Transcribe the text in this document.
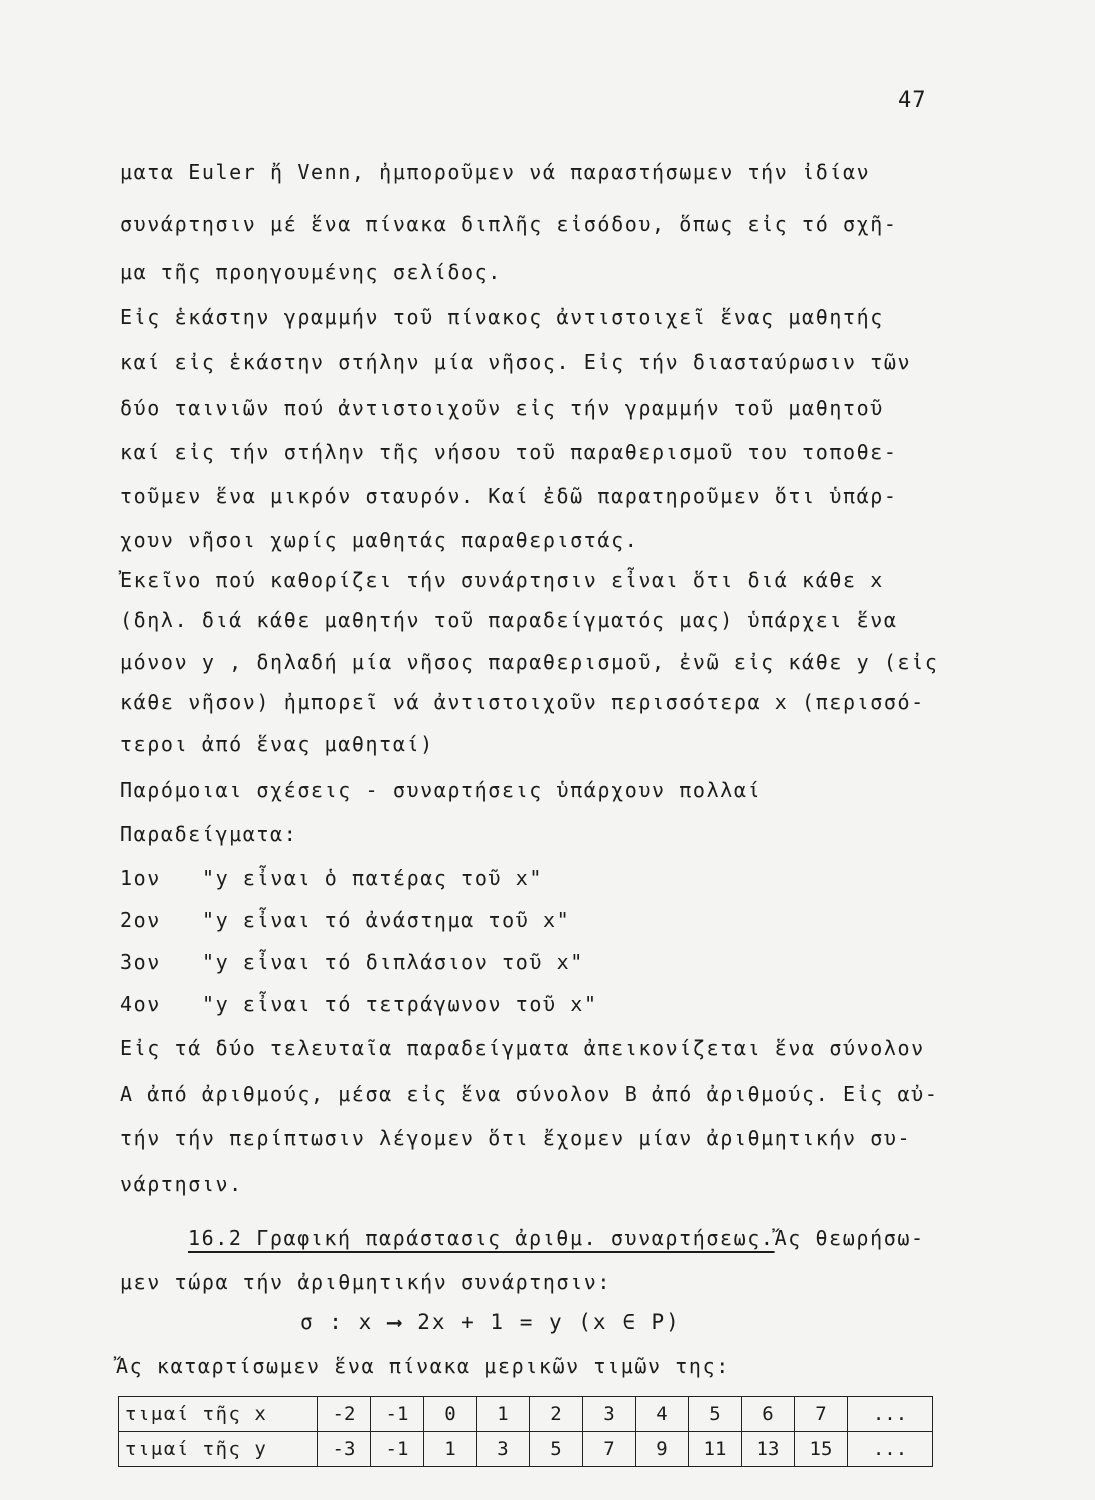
47
ματα Euler ἤ Venn, ἠμποροῦμεν νά παραστήσωμεν τήν ἰδίαν
συνάρτησιν μέ ἕνα πίνακα διπλῆς εἰσόδου, ὅπως εἰς τό σχῆ-
μα τῆς προηγουμένης σελίδος.
Εἰς ἑκάστην γραμμήν τοῦ πίνακος ἀντιστοιχεῖ ἕνας μαθητής
καί εἰς ἑκάστην στήλην μία νῆσος. Εἰς τήν διασταύρωσιν τῶν
δύο ταινιῶν πού ἀντιστοιχοῦν εἰς τήν γραμμήν τοῦ μαθητοῦ
καί εἰς τήν στήλην τῆς νήσου τοῦ παραθερισμοῦ του τοποθε-
τοῦμεν ἕνα μικρόν σταυρόν. Καί ἐδῶ παρατηροῦμεν ὅτι ὑπάρ-
χουν νῆσοι χωρίς μαθητάς παραθεριστάς.
Ἐκεῖνο πού καθορίζει τήν συνάρτησιν εἶναι ὅτι διά κάθε x
(δηλ. διά κάθε μαθητήν τοῦ παραδείγματός μας) ὑπάρχει ἕνα
μόνον y , δηλαδή μία νῆσος παραθερισμοῦ, ἐνῶ εἰς κάθε y (εἰς
κάθε νῆσον) ἠμπορεῖ νά ἀντιστοιχοῦν περισσότερα x (περισσό-
τεροι ἀπό ἕνας μαθηταί)
Παρόμοιαι σχέσεις - συναρτήσεις ὑπάρχουν πολλαί
Παραδείγματα:
1ον "y εἶναι ὁ πατέρας τοῦ x"
2ον "y εἶναι τό ἀνάστημα τοῦ x"
3ον "y εἶναι τό διπλάσιον τοῦ x"
4ον "y εἶναι τό τετράγωνον τοῦ x"
Εἰς τά δύο τελευταῖα παραδείγματα ἀπεικονίζεται ἕνα σύνολον
Α ἀπό ἀριθμούς, μέσα εἰς ἕνα σύνολον Β ἀπό ἀριθμούς. Εἰς αὐ-
τήν τήν περίπτωσιν λέγομεν ὅτι ἔχομεν μίαν ἀριθμητικήν συ-
νάρτησιν.
16.2 Γραφική παράστασις ἀριθμ. συναρτήσεως.Ἄς θεωρήσω-
μεν τώρα τήν ἀριθμητικήν συνάρτησιν:
σ : x ⟶ 2x + 1 = y (x ∈ P)
Ἄς καταρτίσωμεν ἕνα πίνακα μερικῶν τιμῶν της:
τιμαί τῆς x	-2	-1	0	1	2	3	4	5	6	7	...
τιμαί τῆς y	-3	-1	1	3	5	7	9	11	13	15	...
